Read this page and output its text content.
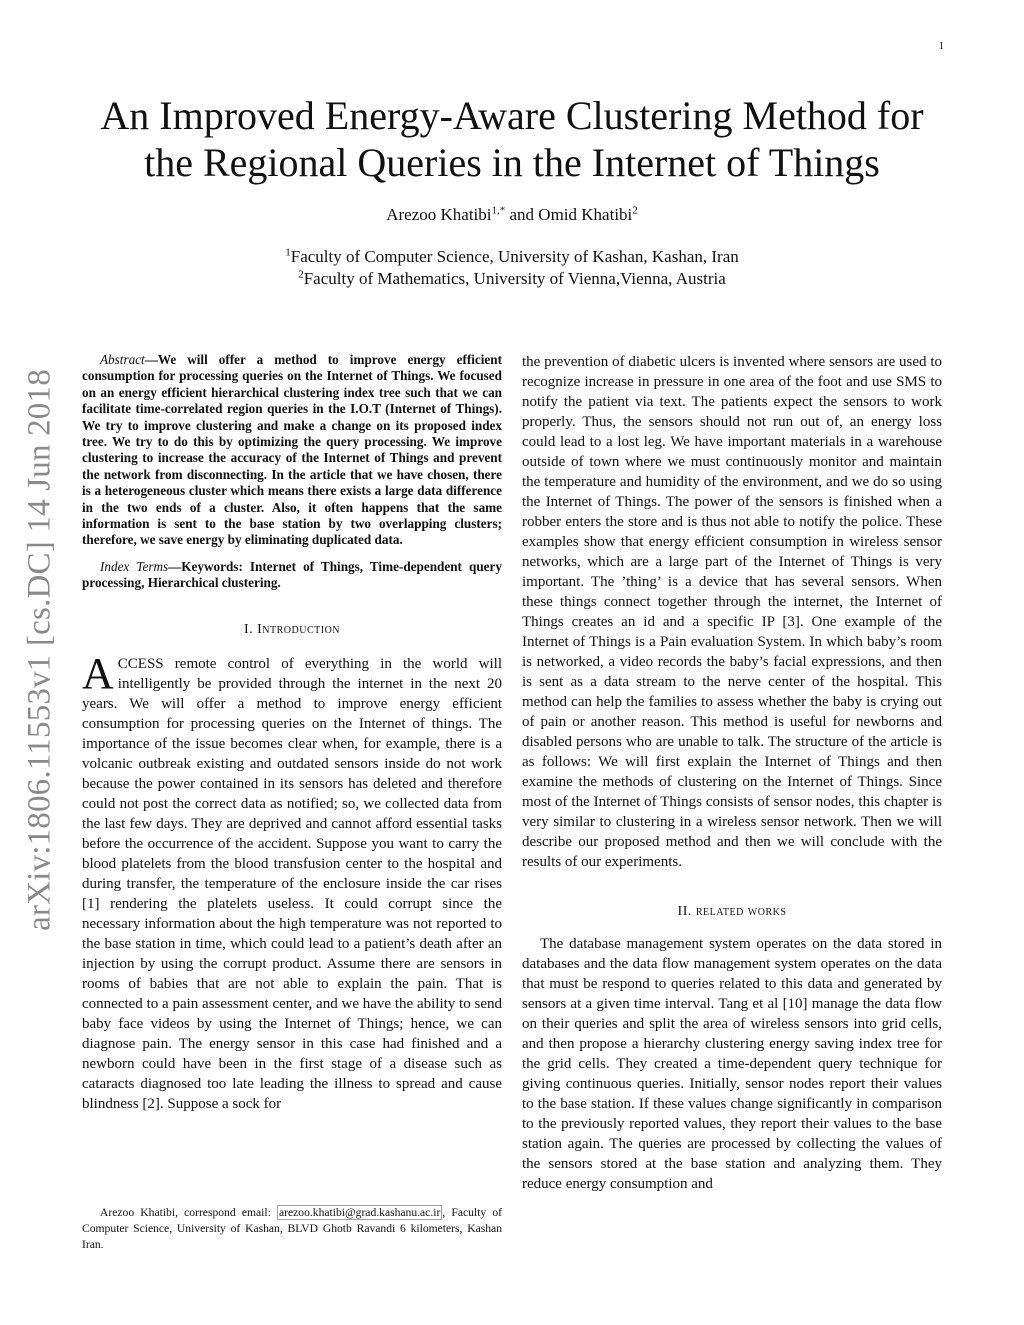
1
arXiv:1806.11553v1 [cs.DC] 14 Jun 2018
An Improved Energy-Aware Clustering Method for
the Regional Queries in the Internet of Things
Arezoo Khatibi$^{1,*}$ and Omid Khatibi$^2$
$^1$Faculty of Computer Science, University of Kashan, Kashan, Iran
$^2$Faculty of Mathematics, University of Vienna,Vienna, Austria
Abstract—We will offer a method to improve energy efficient consumption for processing queries on the Internet of Things. We focused on an energy efficient hierarchical clustering index tree such that we can facilitate time-correlated region queries in the I.O.T (Internet of Things). We try to improve clustering and make a change on its proposed index tree. We try to do this by optimizing the query processing. We improve clustering to increase the accuracy of the Internet of Things and prevent the network from disconnecting. In the article that we have chosen, there is a heterogeneous cluster which means there exists a large data difference in the two ends of a cluster. Also, it often happens that the same information is sent to the base station by two overlapping clusters; therefore, we save energy by eliminating duplicated data.
Index Terms—Keywords: Internet of Things, Time-dependent query processing, Hierarchical clustering.
I. Introduction

ACCESS remote control of everything in the world will intelligently be provided through the internet in the next 20 years. We will offer a method to improve energy efficient consumption for processing queries on the Internet of things. The importance of the issue becomes clear when, for example, there is a volcanic outbreak existing and outdated sensors inside do not work because the power contained in its sensors has deleted and therefore could not post the correct data as notified; so, we collected data from the last few days. They are deprived and cannot afford essential tasks before the occurrence of the accident. Suppose you want to carry the blood platelets from the blood transfusion center to the hospital and during transfer, the temperature of the enclosure inside the car rises [1] rendering the platelets useless. It could corrupt since the necessary information about the high temperature was not reported to the base station in time, which could lead to a patient’s death after an injection by using the corrupt product. Assume there are sensors in rooms of babies that are not able to explain the pain. That is connected to a pain assessment center, and we have the ability to send baby face videos by using the Internet of Things; hence, we can diagnose pain. The energy sensor in this case had finished and a newborn could have been in the first stage of a disease such as cataracts diagnosed too late leading the illness to spread and cause blindness [2]. Suppose a sock for

the prevention of diabetic ulcers is invented where sensors are used to recognize increase in pressure in one area of the foot and use SMS to notify the patient via text. The patients expect the sensors to work properly. Thus, the sensors should not run out of, an energy loss could lead to a lost leg. We have important materials in a warehouse outside of town where we must continuously monitor and maintain the temperature and humidity of the environment, and we do so using the Internet of Things. The power of the sensors is finished when a robber enters the store and is thus not able to notify the police. These examples show that energy efficient consumption in wireless sensor networks, which are a large part of the Internet of Things is very important. The ’thing’ is a device that has several sensors. When these things connect together through the internet, the Internet of Things creates an id and a specific IP [3]. One example of the Internet of Things is a Pain evaluation System. In which baby’s room is networked, a video records the baby’s facial expressions, and then is sent as a data stream to the nerve center of the hospital. This method can help the families to assess whether the baby is crying out of pain or another reason. This method is useful for newborns and disabled persons who are unable to talk. The structure of the article is as follows: We will first explain the Internet of Things and then examine the methods of clustering on the Internet of Things. Since most of the Internet of Things consists of sensor nodes, this chapter is very similar to clustering in a wireless sensor network. Then we will describe our proposed method and then we will conclude with the results of our experiments.

II. related works

The database management system operates on the data stored in databases and the data flow management system operates on the data that must be respond to queries related to this data and generated by sensors at a given time interval. Tang et al [10] manage the data flow on their queries and split the area of wireless sensors into grid cells, and then propose a hierarchy clustering energy saving index tree for the grid cells. They created a time-dependent query technique for giving continuous queries. Initially, sensor nodes report their values to the base station. If these values change significantly in comparison to the previously reported values, they report their values to the base station again. The queries are processed by collecting the values of the sensors stored at the base station and analyzing them. They reduce energy consumption and

Arezoo Khatibi, correspond email: arezoo.khatibi@grad.kashanu.ac.ir , Faculty of Computer Science, University of Kashan, BLVD Ghotb Ravandi 6 kilometers, Kashan Iran.
